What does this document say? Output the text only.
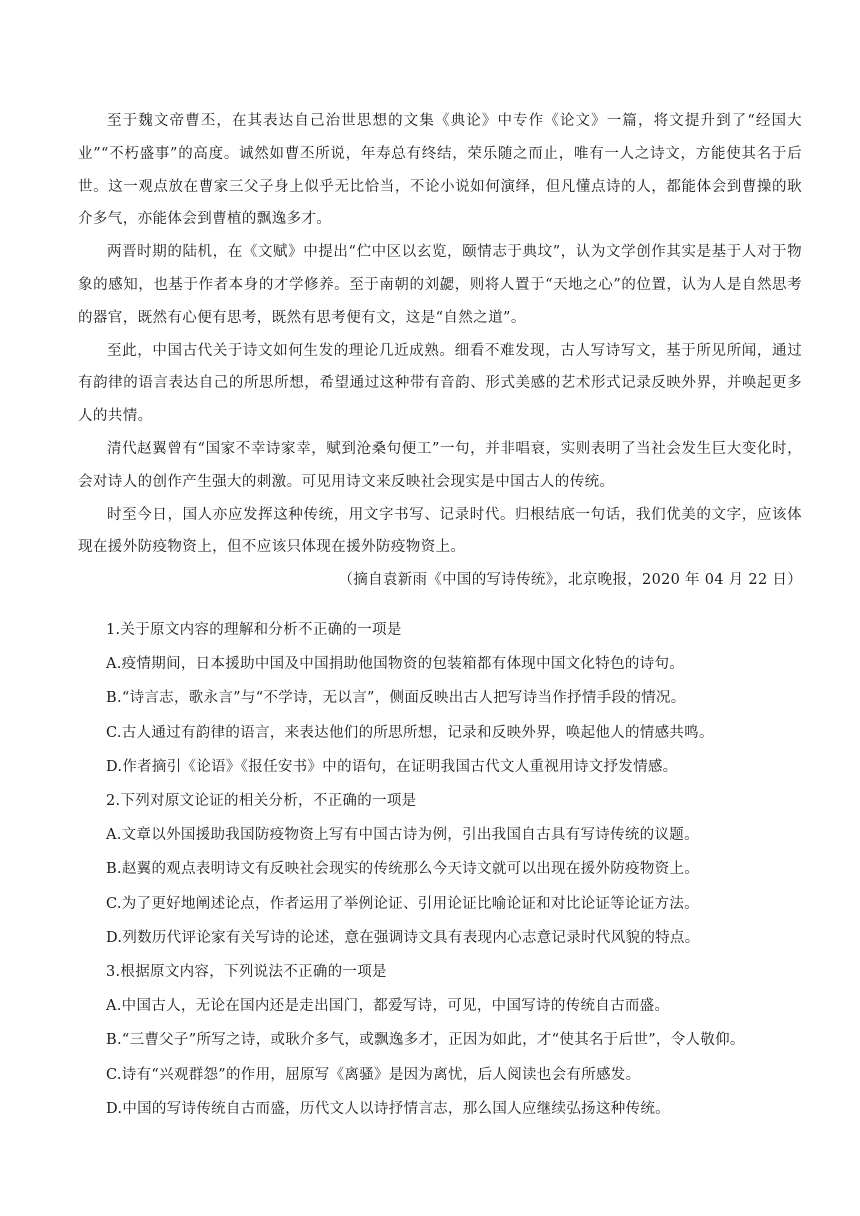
至于魏文帝曹丕，在其表达自己治世思想的文集《典论》中专作《论文》一篇，将文提升到了“经国大业”“不朽盛事”的高度。诚然如曹丕所说，年寿总有终结，荣乐随之而止，唯有一人之诗文，方能使其名于后世。这一观点放在曹家三父子身上似乎无比恰当，不论小说如何演绎，但凡懂点诗的人，都能体会到曹操的耿介多气，亦能体会到曹植的飘逸多才。

两晋时期的陆机，在《文赋》中提出“伫中区以玄览，颐情志于典坟”，认为文学创作其实是基于人对于物象的感知，也基于作者本身的才学修养。至于南朝的刘勰，则将人置于“天地之心”的位置，认为人是自然思考的器官，既然有心便有思考，既然有思考便有文，这是“自然之道”。

至此，中国古代关于诗文如何生发的理论几近成熟。细看不难发现，古人写诗写文，基于所见所闻，通过有韵律的语言表达自己的所思所想，希望通过这种带有音韵、形式美感的艺术形式记录反映外界，并唤起更多人的共情。

清代赵翼曾有“国家不幸诗家幸，赋到沧桑句便工”一句，并非唱衰，实则表明了当社会发生巨大变化时，会对诗人的创作产生强大的刺激。可见用诗文来反映社会现实是中国古人的传统。

时至今日，国人亦应发挥这种传统，用文字书写、记录时代。归根结底一句话，我们优美的文字，应该体现在援外防疫物资上，但不应该只体现在援外防疫物资上。

（摘自袁新雨《中国的写诗传统》，北京晚报，2020 年 04 月 22 日）

1.关于原文内容的理解和分析不正确的一项是

A.疫情期间，日本援助中国及中国捐助他国物资的包装箱都有体现中国文化特色的诗句。

B.“诗言志，歌永言”与“不学诗，无以言”，侧面反映出古人把写诗当作抒情手段的情况。

C.古人通过有韵律的语言，来表达他们的所思所想，记录和反映外界，唤起他人的情感共鸣。

D.作者摘引《论语》《报任安书》中的语句，在证明我国古代文人重视用诗文抒发情感。

2.下列对原文论证的相关分析，不正确的一项是

A.文章以外国援助我国防疫物资上写有中国古诗为例，引出我国自古具有写诗传统的议题。

B.赵翼的观点表明诗文有反映社会现实的传统那么今天诗文就可以出现在援外防疫物资上。

C.为了更好地阐述论点，作者运用了举例论证、引用论证比喻论证和对比论证等论证方法。

D.列数历代评论家有关写诗的论述，意在强调诗文具有表现内心志意记录时代风貌的特点。

3.根据原文内容，下列说法不正确的一项是

A.中国古人，无论在国内还是走出国门，都爱写诗，可见，中国写诗的传统自古而盛。

B.“三曹父子”所写之诗，或耿介多气，或飘逸多才，正因为如此，才“使其名于后世”，令人敬仰。

C.诗有“兴观群怨”的作用，屈原写《离骚》是因为离忧，后人阅读也会有所感发。

D.中国的写诗传统自古而盛，历代文人以诗抒情言志，那么国人应继续弘扬这种传统。
